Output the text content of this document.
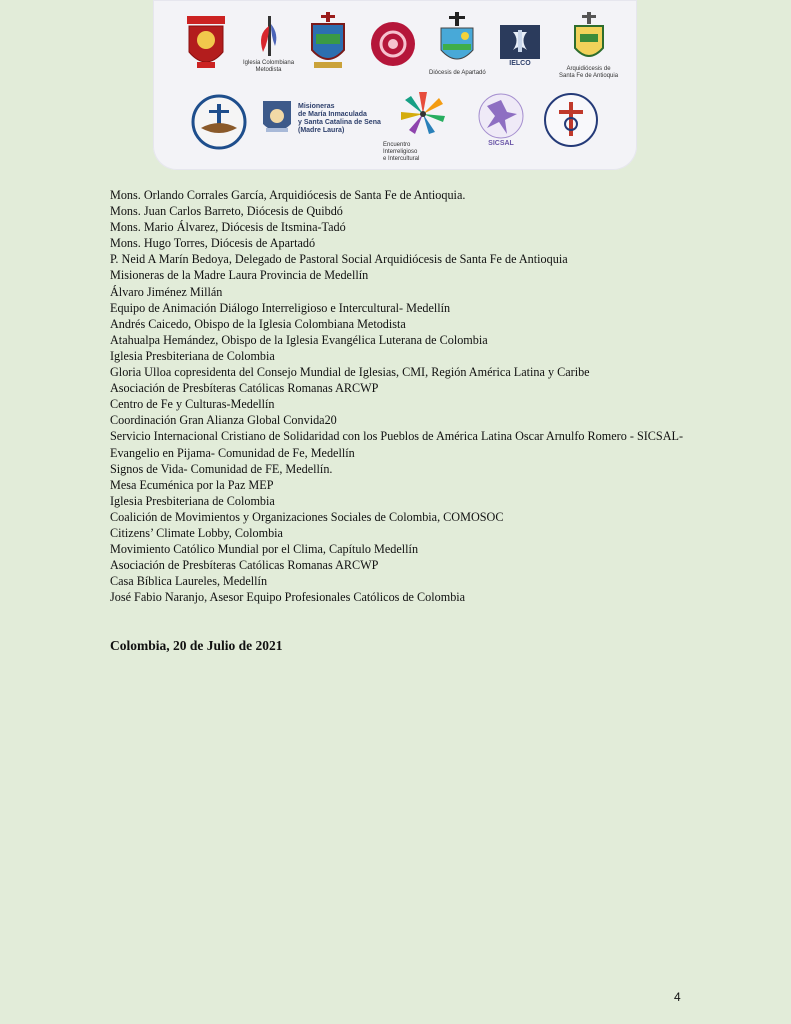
Iglesia Colombiana
Metodista	Diócesis de Apartadó
IELCO
Arquidiócesis de
Santa Fe de Antioquia
Misioneras
de María Inmaculada
y Santa Catalina de Sena
(Madre Laura)
Encuentro
Interreligioso
e Intercultural
SICSAL
Mons. Orlando Corrales García, Arquidiócesis de Santa Fe de Antioquia.
Mons. Juan Carlos Barreto, Diócesis de Quibdó
Mons. Mario Álvarez, Diócesis de Itsmina-Tadó
Mons. Hugo Torres, Diócesis de Apartadó
P. Neid A Marín Bedoya, Delegado de Pastoral Social Arquidiócesis de Santa Fe de Antioquia
Misioneras de la Madre Laura Provincia de Medellín
Álvaro Jiménez Millán
Equipo de Animación Diálogo Interreligioso e Intercultural- Medellín
Andrés Caicedo, Obispo de la Iglesia Colombiana Metodista
Atahualpa Hemández, Obispo de la Iglesia Evangélica Luterana de Colombia
Iglesia Presbiteriana de Colombia
Gloria Ulloa copresidenta del Consejo Mundial de Iglesias, CMI, Región América Latina y Caribe
Asociación de Presbíteras Católicas Romanas ARCWP
Centro de Fe y Culturas-Medellín
Coordinación Gran Alianza Global Convida20
Servicio Internacional Cristiano de Solidaridad con los Pueblos de América Latina Oscar Arnulfo Romero - SICSAL-
Evangelio en Pijama- Comunidad de Fe, Medellín
Signos de Vida- Comunidad de FE, Medellín.
Mesa Ecuménica por la Paz MEP
Iglesia Presbiteriana de Colombia
Coalición de Movimientos y Organizaciones Sociales de Colombia, COMOSOC
Citizens’ Climate Lobby, Colombia
Movimiento Católico Mundial por el Clima, Capítulo Medellín
Asociación de Presbíteras Católicas Romanas ARCWP
Casa Bíblica Laureles, Medellín
José Fabio Naranjo, Asesor Equipo Profesionales Católicos de Colombia
Colombia, 20 de Julio de 2021
4
